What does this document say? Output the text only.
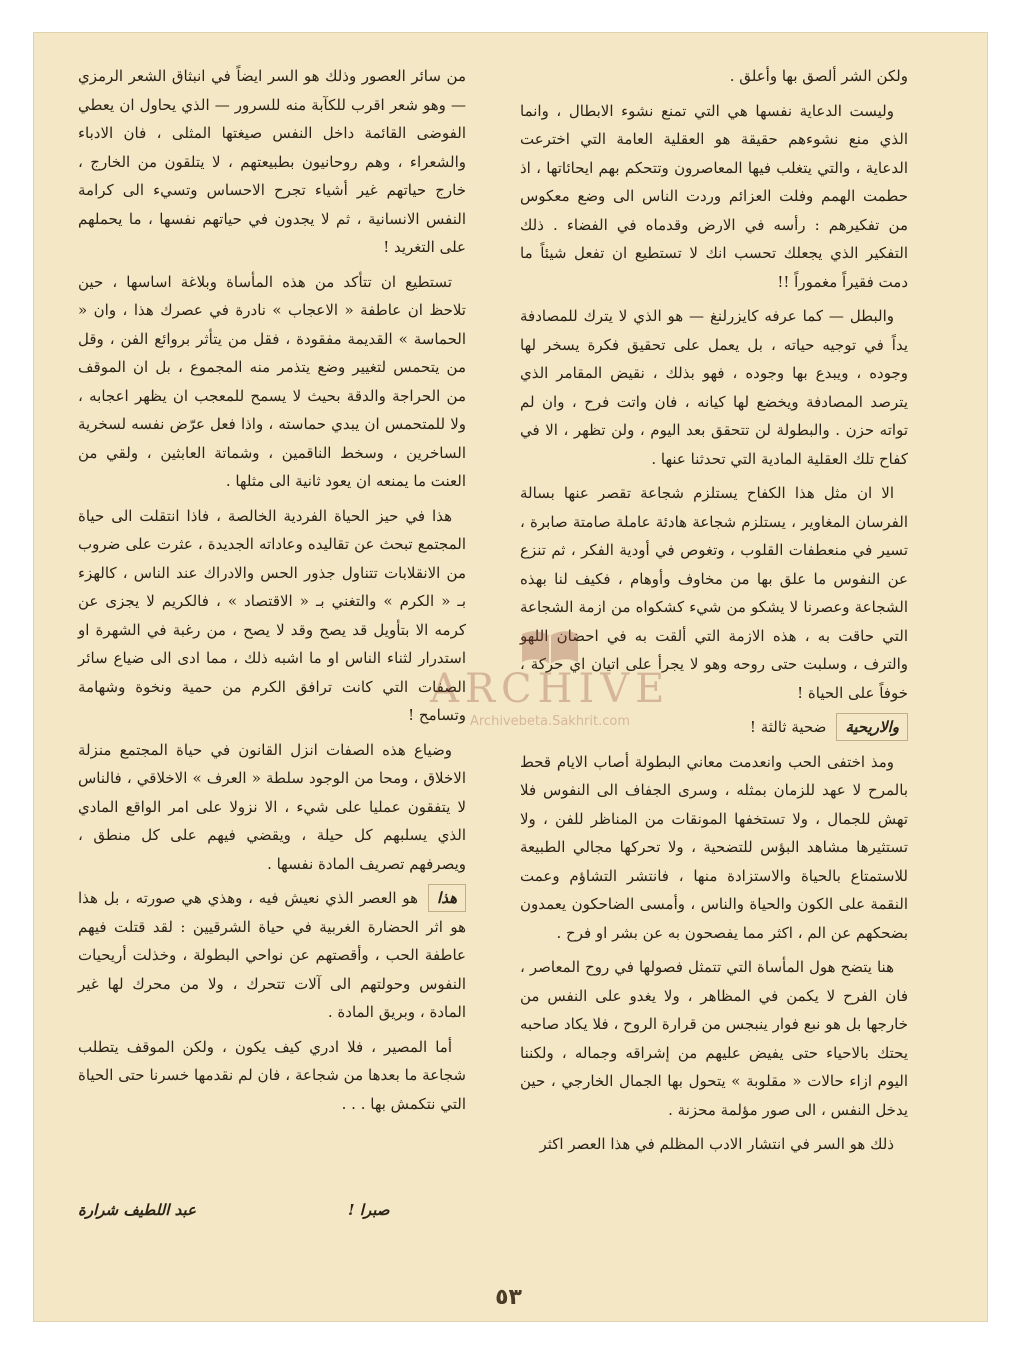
ولكن الشر ألصق بها وأعلق .

وليست الدعاية نفسها هي التي تمنع نشوء الابطال ، وانما الذي منع نشوءهم حقيقة هو العقلية العامة التي اخترعت الدعاية ، والتي يتغلب فيها المعاصرون وتتحكم بهم ايحائاتها ، اذ حطمت الهمم وفلت العزائم وردت الناس الى وضع معكوس من تفكيرهم : رأسه في الارض وقدماه في الفضاء . ذلك التفكير الذي يجعلك تحسب انك لا تستطيع ان تفعل شيئاً ما دمت فقيراً مغموراً !!

والبطل — كما عرفه كايزرلنغ — هو الذي لا يترك للمصادفة يداً في توجيه حياته ، بل يعمل على تحقيق فكرة يسخر لها وجوده ، ويبدع بها وجوده ، فهو بذلك ، نقيض المقامر الذي يترصد المصادفة ويخضع لها كيانه ، فان واتت فرح ، وان لم تواته حزن . والبطولة لن تتحقق بعد اليوم ، ولن تظهر ، الا في كفاح تلك العقلية المادية التي تحدثنا عنها .

الا ان مثل هذا الكفاح يستلزم شجاعة تقصر عنها بسالة الفرسان المغاوير ، يستلزم شجاعة هادئة عاملة صامتة صابرة ، تسير في منعطفات القلوب ، وتغوص في أودية الفكر ، ثم تنزع عن النفوس ما علق بها من مخاوف وأوهام ، فكيف لنا بهذه الشجاعة وعصرنا لا يشكو من شيء كشكواه من ازمة الشجاعة التي حاقت به ، هذه الازمة التي ألقت به في احضان اللهو والترف ، وسلبت حتى روحه وهو لا يجرأ على اتيان اي حركة ، خوفاً على الحياة !

والاريحية
ضحية ثالثة !

ومذ اختفى الحب وانعدمت معاني البطولة أصاب الايام قحط بالمرح لا عهد للزمان بمثله ، وسرى الجفاف الى النفوس فلا تهش للجمال ، ولا تستخفها المونقات من المناظر للفن ، ولا تستثيرها مشاهد البؤس للتضحية ، ولا تحركها مجالي الطبيعة للاستمتاع بالحياة والاستزادة منها ، فانتشر التشاؤم وعمت النقمة على الكون والحياة والناس ، وأمسى الضاحكون يعمدون بضحكهم عن الم ، اكثر مما يفصحون به عن بشر او فرح .

هنا يتضح هول المأساة التي تتمثل فصولها في روح المعاصر ، فان الفرح لا يكمن في المظاهر ، ولا يغدو على النفس من خارجها بل هو نبع فوار ينبجس من قرارة الروح ، فلا يكاد صاحبه يحتك بالاحياء حتى يفيض عليهم من إشراقه وجماله ، ولكننا اليوم ازاء حالات « مقلوبة » يتحول بها الجمال الخارجي ، حين يدخل النفس ، الى صور مؤلمة محزنة .

ذلك هو السر في انتشار الادب المظلم في هذا العصر اكثر

من سائر العصور وذلك هو السر ايضاً في انبثاق الشعر الرمزي — وهو شعر اقرب للكآبة منه للسرور — الذي يحاول ان يعطي الفوضى القائمة داخل النفس صيغتها المثلى ، فان الادباء والشعراء ، وهم روحانيون بطبيعتهم ، لا يتلقون من الخارج ، خارج حياتهم غير أشياء تجرح الاحساس وتسيء الى كرامة النفس الانسانية ، ثم لا يجدون في حياتهم نفسها ، ما يحملهم على التغريد !

تستطيع ان تتأكد من هذه المأساة وبلاغة اساسها ، حين تلاحظ ان عاطفة « الاعجاب » نادرة في عصرك هذا ، وان « الحماسة » القديمة مفقودة ، فقل من يتأثر بروائع الفن ، وقل من يتحمس لتغيير وضع يتذمر منه المجموع ، بل ان الموقف من الحراجة والدقة بحيث لا يسمح للمعجب ان يظهر اعجابه ، ولا للمتحمس ان يبدي حماسته ، واذا فعل عرّض نفسه لسخرية الساخرين ، وسخط الناقمين ، وشماتة العابثين ، ولقي من العنت ما يمنعه ان يعود ثانية الى مثلها .

هذا في حيز الحياة الفردية الخالصة ، فاذا انتقلت الى حياة المجتمع تبحث عن تقاليده وعاداته الجديدة ، عثرت على ضروب من الانقلابات تتناول جذور الحس والادراك عند الناس ، كالهزء بـ « الكرم » والتغني بـ « الاقتصاد » ، فالكريم لا يجزى عن كرمه الا بتأويل قد يصح وقد لا يصح ، من رغبة في الشهرة او استدرار لثناء الناس او ما اشبه ذلك ، مما ادى الى ضياع سائر الصفات التي كانت ترافق الكرم من حمية ونخوة وشهامة وتسامح !

وضياع هذه الصفات انزل القانون في حياة المجتمع منزلة الاخلاق ، ومحا من الوجود سلطة « العرف » الاخلاقي ، فالناس لا يتفقون عمليا على شيء ، الا نزولا على امر الواقع المادي الذي يسلبهم كل حيلة ، ويقضي فيهم على كل منطق ، ويصرفهم تصريف المادة نفسها .

هذا
هو العصر الذي نعيش فيه ، وهذي هي صورته ، بل هذا هو اثر الحضارة الغربية في حياة الشرقيين : لقد قتلت فيهم عاطفة الحب ، وأقصتهم عن نواحي البطولة ، وخذلت أريحيات النفوس وحولتهم الى آلات تتحرك ، ولا من محرك لها غير المادة ، وبريق المادة .

أما المصير ، فلا ادري كيف يكون ، ولكن الموقف يتطلب شجاعة ما بعدها من شجاعة ، فان لم نقدمها خسرنا حتى الحياة التي نتكمش بها . . .

صبرا !
عبد اللطيف شرارة
٥٣
ARCHIVE
Archivebeta.Sakhrit.com
